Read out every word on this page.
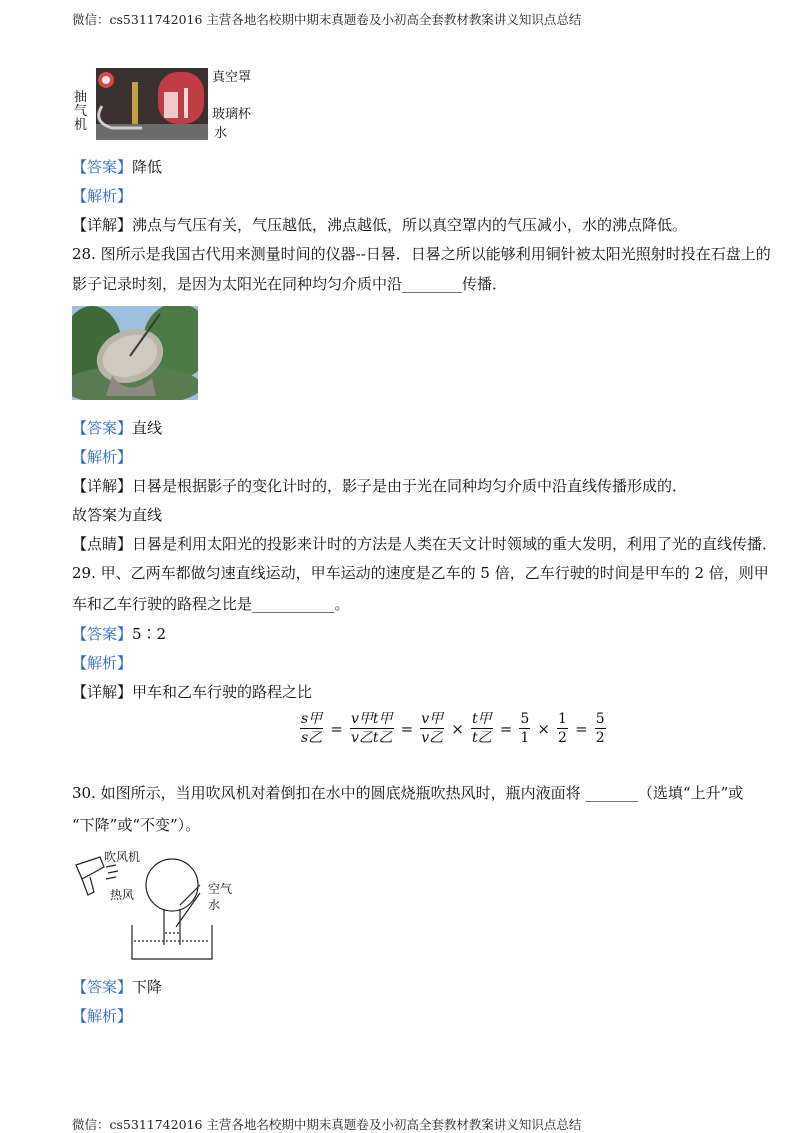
微信：cs5311742016 主营各地名校期中期末真题卷及小初高全套教材教案讲义知识点总结
真空罩
抽
气
机
玻璃杯
水
【答案】降低
【解析】
【详解】沸点与气压有关，气压越低，沸点越低，所以真空罩内的气压减小，水的沸点降低。
28. 图所示是我国古代用来测量时间的仪器--日晷．日晷之所以能够利用铜针被太阳光照射时投在石盘上的
影子记录时刻，是因为太阳光在同种均匀介质中沿________传播．
【答案】直线
【解析】
【详解】日晷是根据影子的变化计时的，影子是由于光在同种均匀介质中沿直线传播形成的．
故答案为直线
【点睛】日晷是利用太阳光的投影来计时的方法是人类在天文计时领域的重大发明，利用了光的直线传播．
29. 甲、乙两车都做匀速直线运动，甲车运动的速度是乙车的 5 倍，乙车行驶的时间是甲车的 2 倍，则甲
车和乙车行驶的路程之比是___________。
【答案】5∶2
【解析】
【详解】甲车和乙车行驶的路程之比
$\frac{\text{s甲}}{\text{s乙}} = \frac{\text{v甲t甲}}{\text{v乙t乙}} = \frac{\text{v甲}}{\text{v乙}} \times \frac{\text{t甲}}{\text{t乙}} = \frac{5}{1} \times \frac{1}{2} = \frac{5}{2}$
30. 如图所示，当用吹风机对着倒扣在水中的圆底烧瓶吹热风时，瓶内液面将 _______（选填“上升”或
“下降”或“不变”）。
吹风机
热风	空气
水
【答案】下降
【解析】
微信：cs5311742016 主营各地名校期中期末真题卷及小初高全套教材教案讲义知识点总结
